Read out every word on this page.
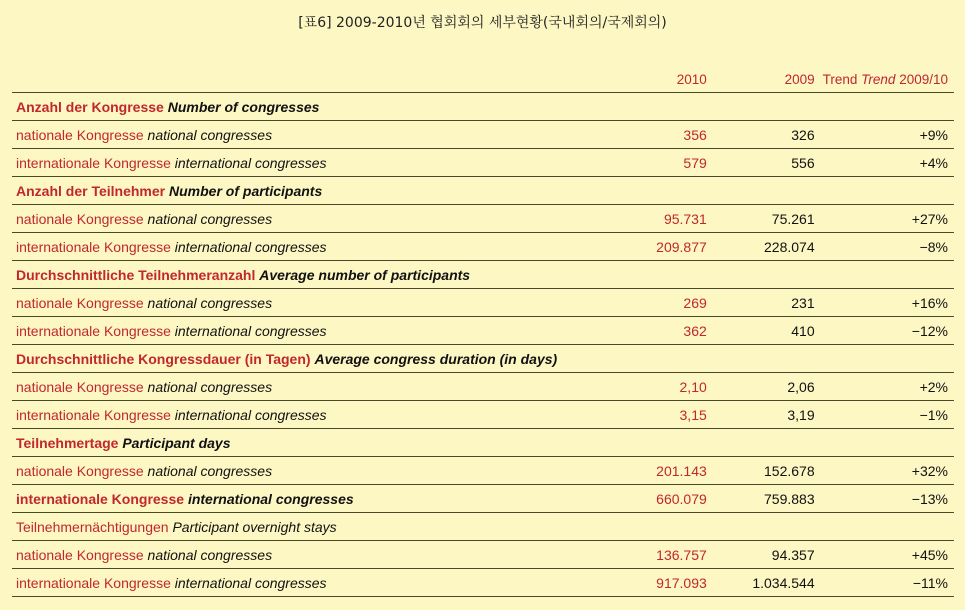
[표6] 2009-2010년 협회회의 세부현황(국내회의/국제회의)
	2010	2009	Trend Trend 2009/10
Anzahl der Kongresse Number of congresses			
nationale Kongresse national congresses	356	326	+9%
internationale Kongresse international congresses	579	556	+4%
Anzahl der Teilnehmer Number of participants			
nationale Kongresse national congresses	95.731	75.261	+27%
internationale Kongresse international congresses	209.877	228.074	−8%
Durchschnittliche Teilnehmeranzahl Average number of participants			
nationale Kongresse national congresses	269	231	+16%
internationale Kongresse international congresses	362	410	−12%
Durchschnittliche Kongressdauer (in Tagen) Average congress duration (in days)			
nationale Kongresse national congresses	2,10	2,06	+2%
internationale Kongresse international congresses	3,15	3,19	−1%
Teilnehmertage Participant days			
nationale Kongresse national congresses	201.143	152.678	+32%
internationale Kongresse international congresses	660.079	759.883	−13%
Teilnehmernächtigungen Participant overnight stays			
nationale Kongresse national congresses	136.757	94.357	+45%
internationale Kongresse international congresses	917.093	1.034.544	−11%
